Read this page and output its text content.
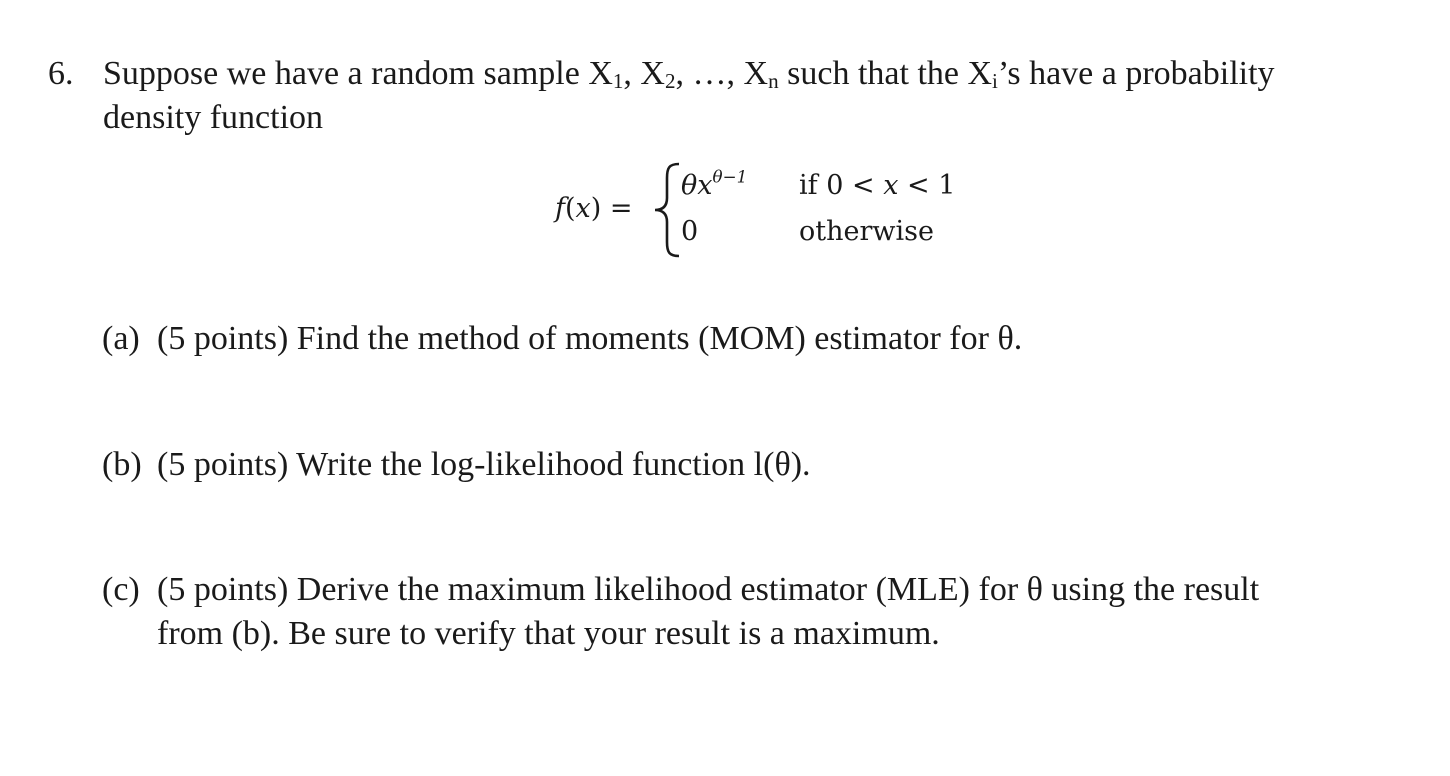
6. Suppose we have a random sample $X_1$, $X_2$, …, $X_n$ such that the $X_i’s$ have a probability
density function
f(x) =
$\theta x^{\theta-1}$ if 0 < x < 1
0	otherwise
(a) (5 points) Find the method of moments (MOM) estimator for θ.
(b) (5 points) Write the log-likelihood function l(θ).
(c) (5 points) Derive the maximum likelihood estimator (MLE) for θ using the result
from (b). Be sure to verify that your result is a maximum.
